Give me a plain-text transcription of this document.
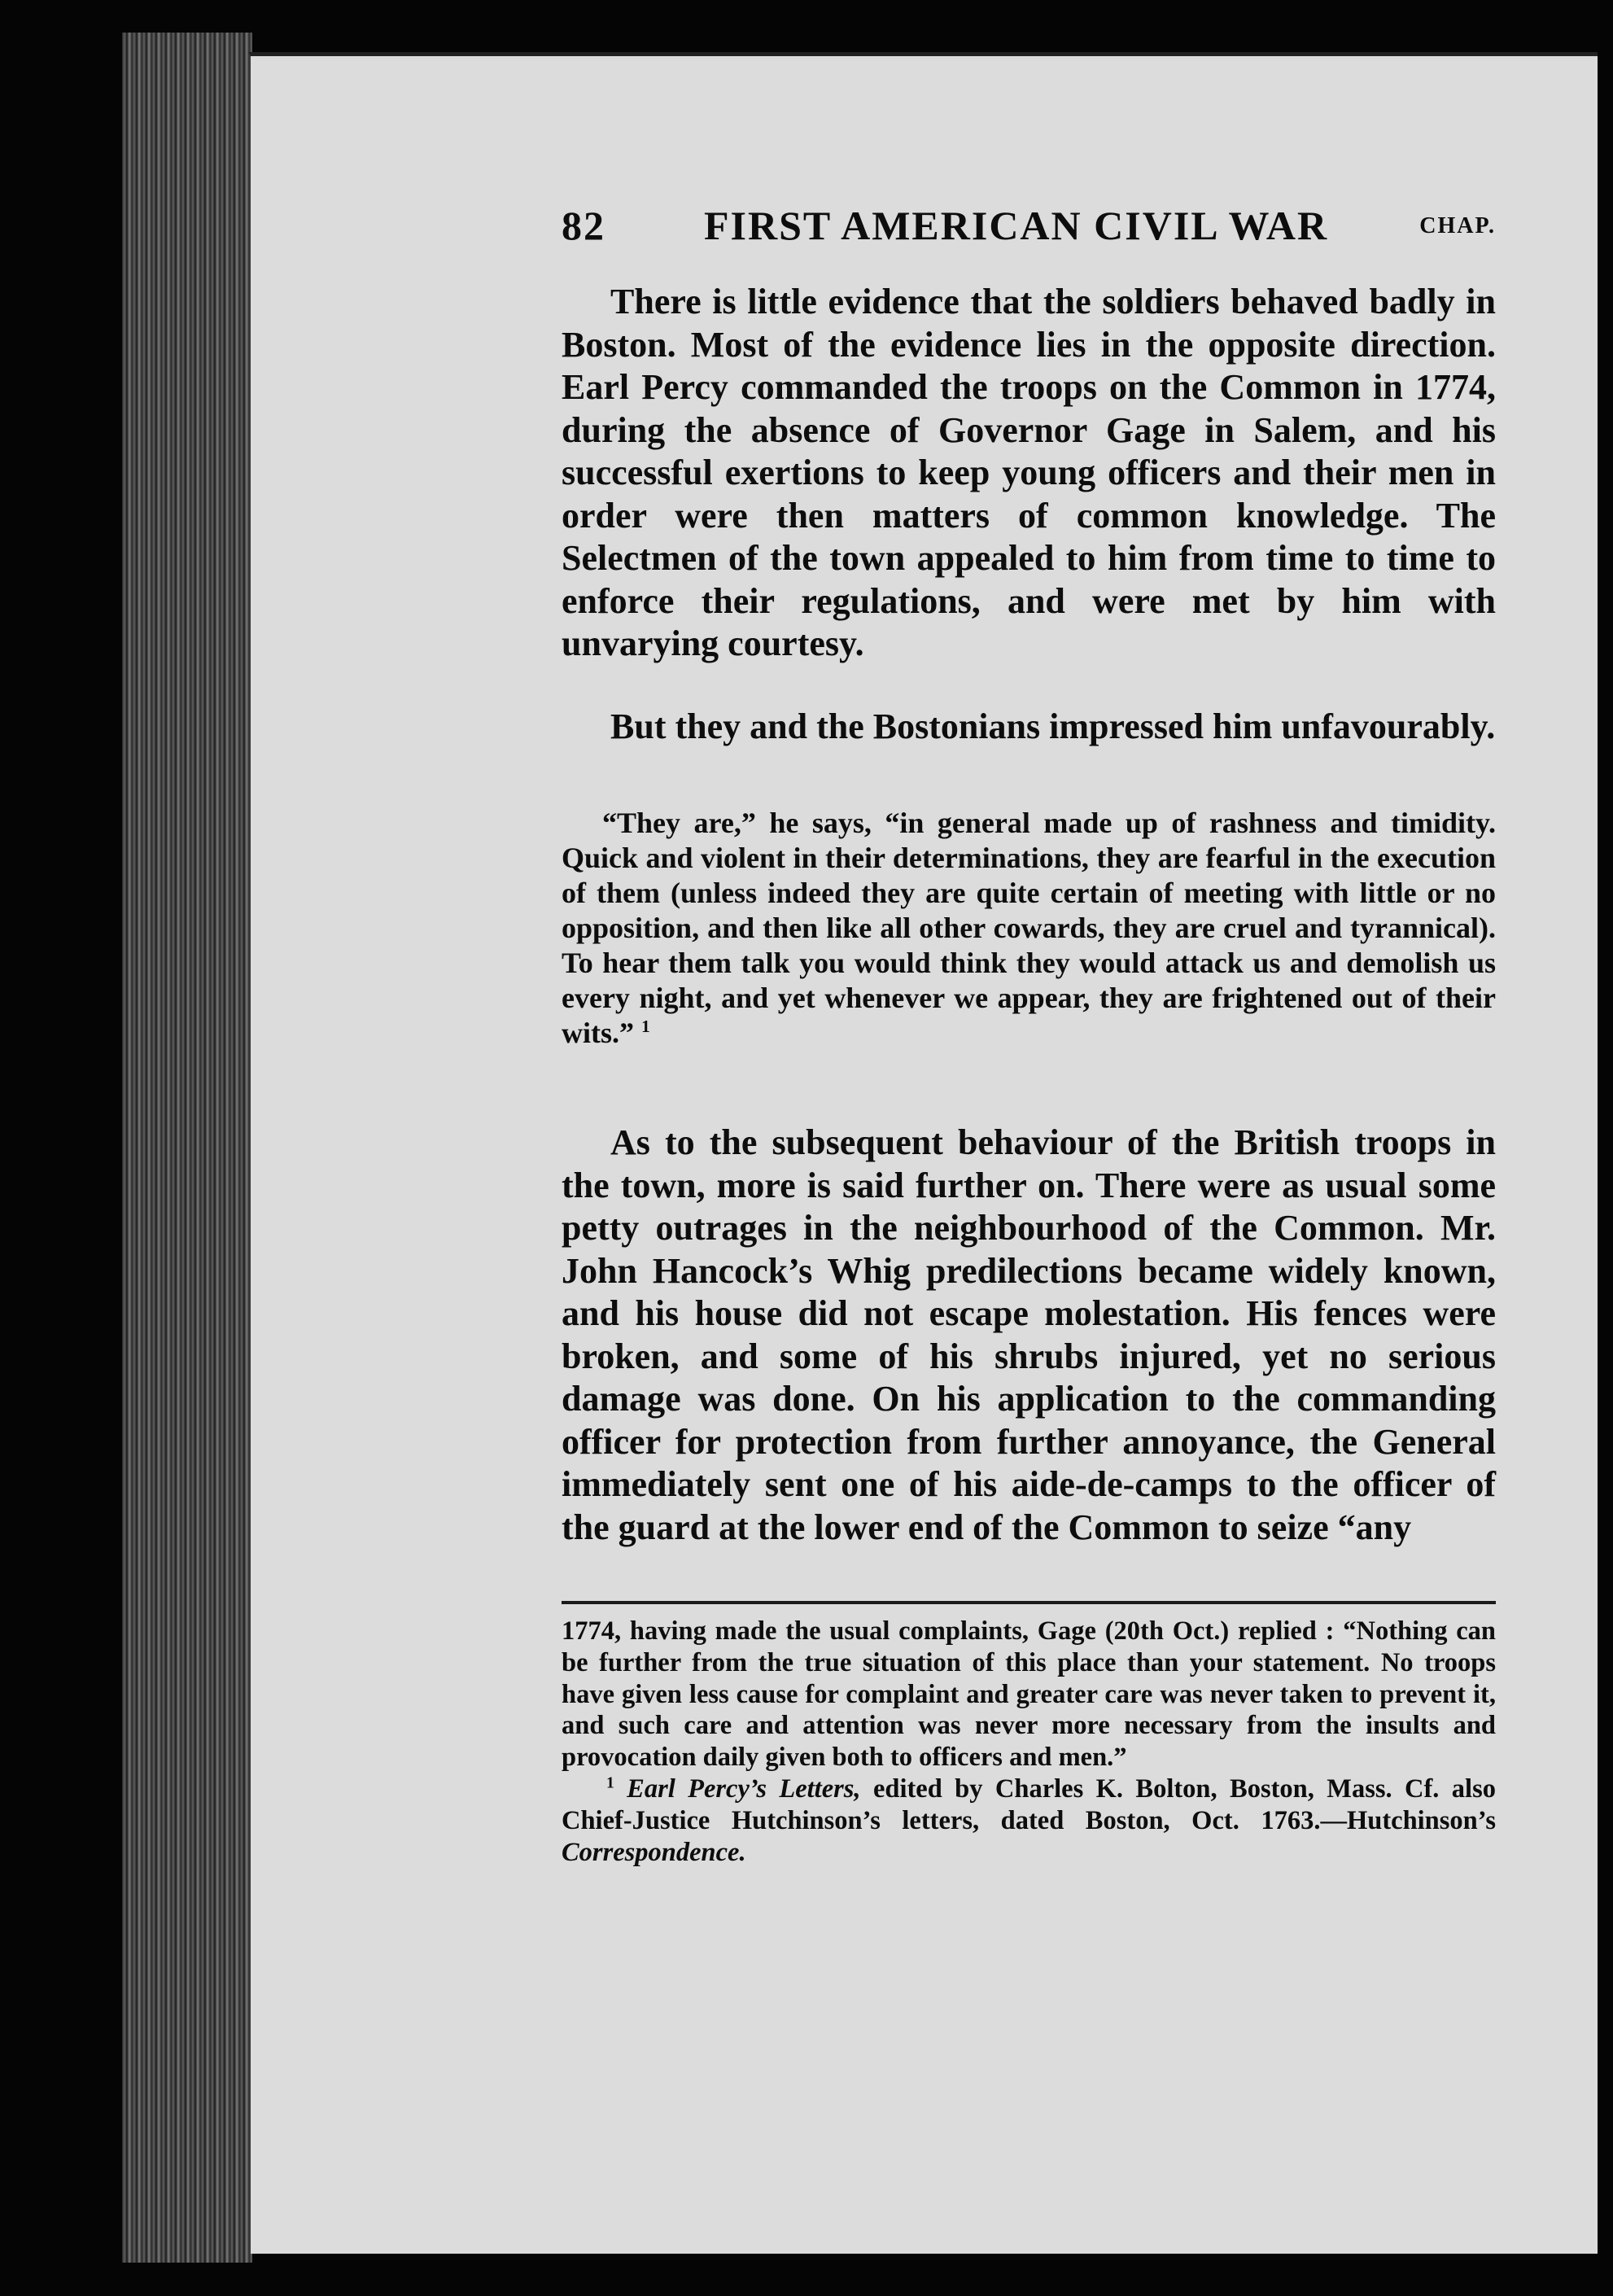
82 FIRST AMERICAN CIVIL WAR	CHAP.

There is little evidence that the soldiers behaved badly in Boston. Most of the evidence lies in the opposite direction. Earl Percy commanded the troops on the Common in 1774, during the absence of Governor Gage in Salem, and his successful exertions to keep young officers and their men in order were then matters of common knowledge. The Selectmen of the town appealed to him from time to time to enforce their regulations, and were met by him with unvarying courtesy.

But they and the Bostonians impressed him unfavourably.

“They are,” he says, “in general made up of rashness and timidity. Quick and violent in their determinations, they are fearful in the execution of them (unless indeed they are quite certain of meeting with little or no opposition, and then like all other cowards, they are cruel and tyrannical). To hear them talk you would think they would attack us and demolish us every night, and yet whenever we appear, they are frightened out of their wits.” $^1$

As to the subsequent behaviour of the British troops in the town, more is said further on. There were as usual some petty outrages in the neighbourhood of the Common. Mr. John Hancock’s Whig predilections became widely known, and his house did not escape molestation. His fences were broken, and some of his shrubs injured, yet no serious damage was done. On his application to the commanding officer for protection from further annoyance, the General immediately sent one of his aide-de-camps to the officer of the guard at the lower end of the Common to seize “any

1774, having made the usual complaints, Gage (20th Oct.) replied : “Nothing can be further from the true situation of this place than your statement. No troops have given less cause for complaint and greater care was never taken to prevent it, and such care and attention was never more necessary from the insults and provocation daily given both to officers and men.”

$^1$ Earl Percy’s Letters, edited by Charles K. Bolton, Boston, Mass. Cf. also Chief-Justice Hutchinson’s letters, dated Boston, Oct. 1763.—Hutchinson’s Correspondence.
